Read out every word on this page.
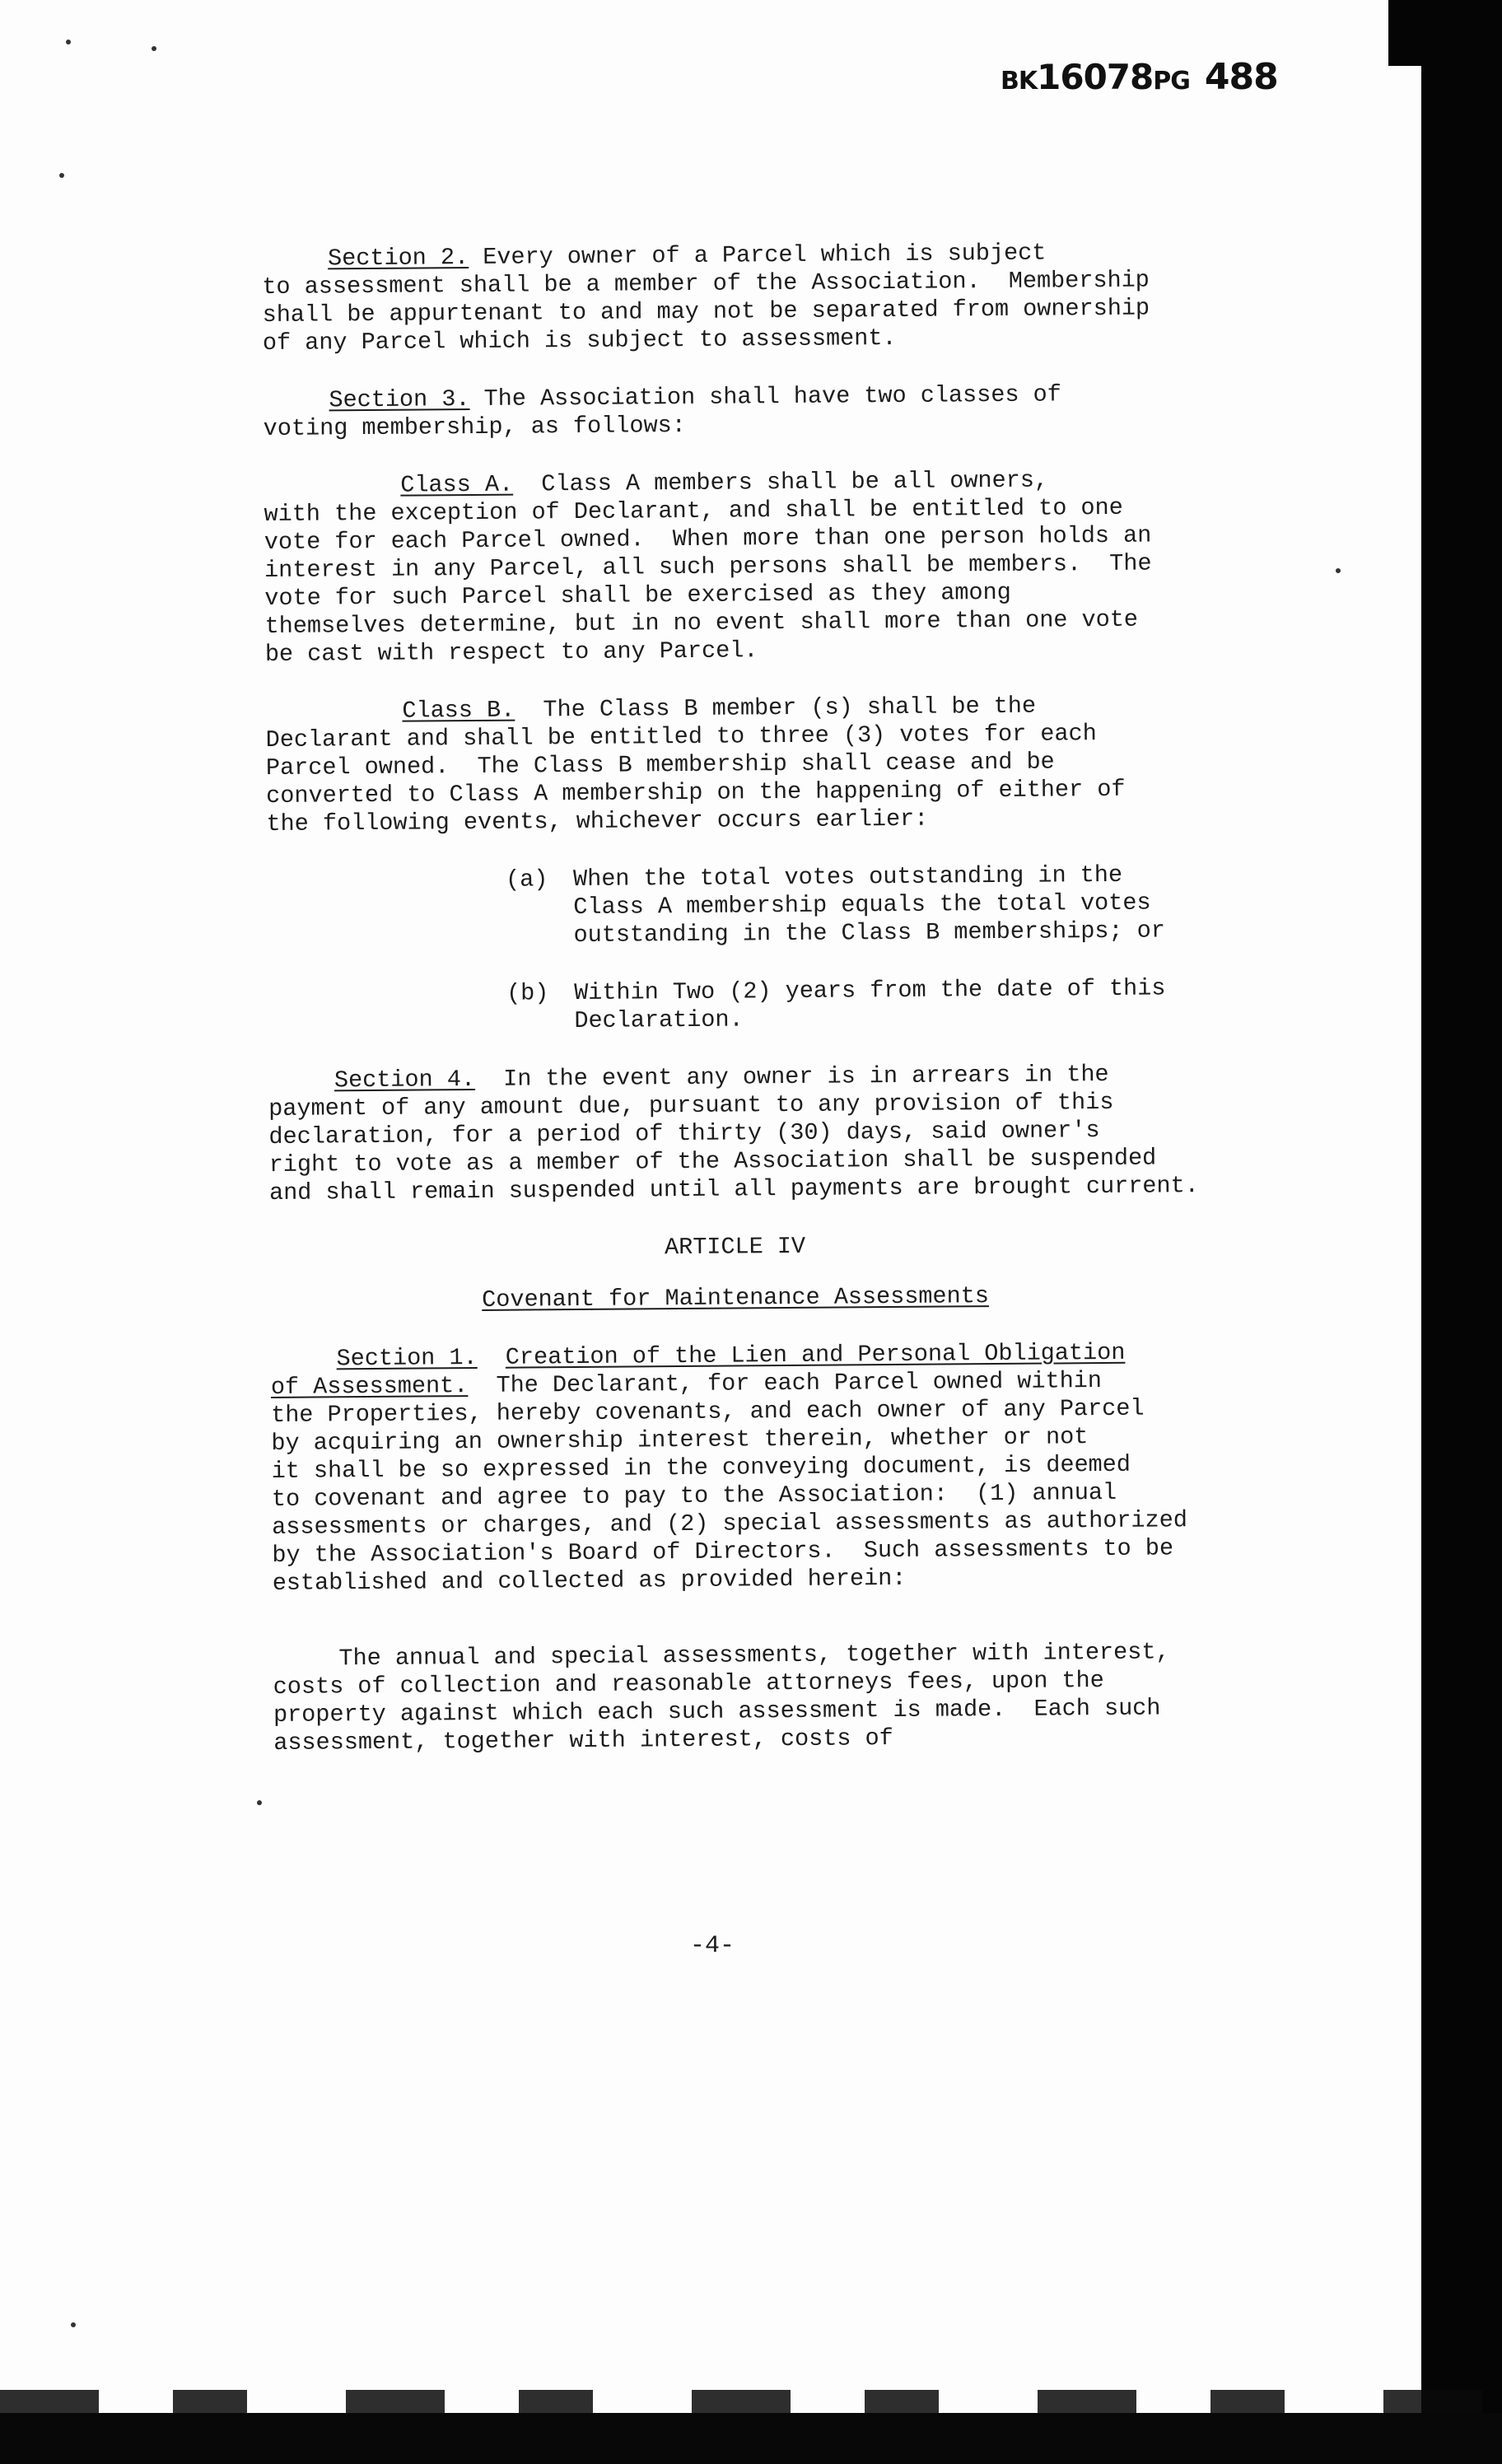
BK16078PG 488
Section 2. Every owner of a Parcel which is subject
to assessment shall be a member of the Association.  Membership
shall be appurtenant to and may not be separated from ownership
of any Parcel which is subject to assessment.
Section 3. The Association shall have two classes of
voting membership, as follows:
Class A.  Class A members shall be all owners,
with the exception of Declarant, and shall be entitled to one
vote for each Parcel owned.  When more than one person holds an
interest in any Parcel, all such persons shall be members.  The
vote for such Parcel shall be exercised as they among
themselves determine, but in no event shall more than one vote
be cast with respect to any Parcel.
Class B.  The Class B member (s) shall be the
Declarant and shall be entitled to three (3) votes for each
Parcel owned.  The Class B membership shall cease and be
converted to Class A membership on the happening of either of
the following events, whichever occurs earlier:
(a) When the total votes outstanding in the
Class A membership equals the total votes
outstanding in the Class B memberships; or
(b) Within Two (2) years from the date of this
Declaration.
Section 4.  In the event any owner is in arrears in the
payment of any amount due, pursuant to any provision of this
declaration, for a period of thirty (30) days, said owner's
right to vote as a member of the Association shall be suspended
and shall remain suspended until all payments are brought current.
ARTICLE IV
Covenant for Maintenance Assessments
Section 1. Creation of the Lien and Personal Obligation
of Assessment.  The Declarant, for each Parcel owned within
the Properties, hereby covenants, and each owner of any Parcel
by acquiring an ownership interest therein, whether or not
it shall be so expressed in the conveying document, is deemed
to covenant and agree to pay to the Association:  (1) annual
assessments or charges, and (2) special assessments as authorized
by the Association's Board of Directors.  Such assessments to be
established and collected as provided herein:
The annual and special assessments, together with interest,
costs of collection and reasonable attorneys fees, upon the
property against which each such assessment is made.  Each such
assessment, together with interest, costs of
-4-
